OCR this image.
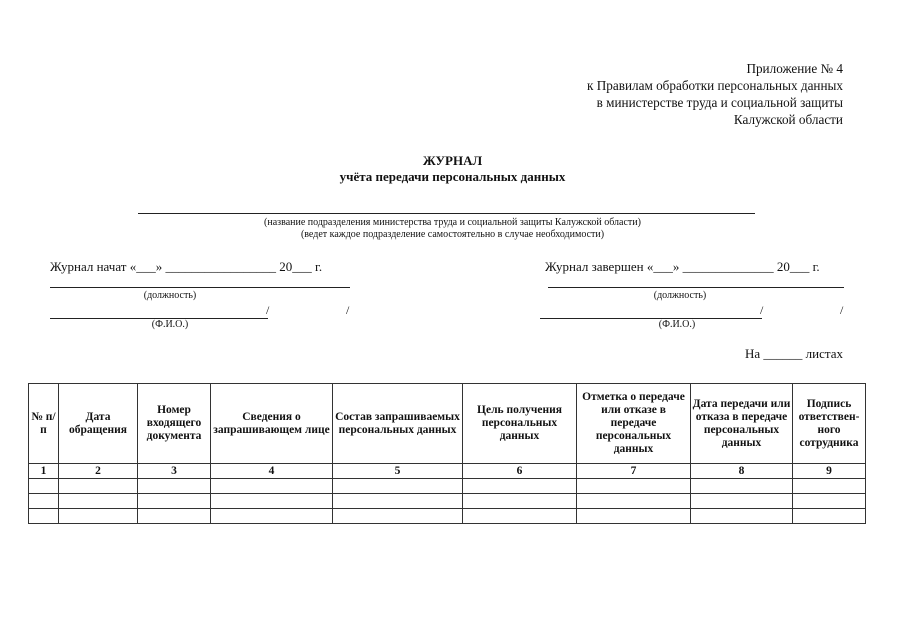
Приложение № 4
к Правилам обработки персональных данных
в министерстве труда и социальной защиты
Калужской области
ЖУРНАЛ
учёта передачи персональных данных
(название подразделения министерства труда и социальной защиты Калужской области)
(ведет каждое подразделение самостоятельно в случае необходимости)
Журнал начат «___» _________________ 20___ г.
(должность)
/	/
(Ф.И.О.)
Журнал завершен «___» ______________ 20___ г.
(должность)
/	/
(Ф.И.О.)
На ______ листах
№ п/п	Дата обращения	Номер входящего документа	Сведения о запрашивающем лице	Состав запрашиваемых персональных данных	Цель получения персональных данных	Отметка о передаче или отказе в передаче персональных данных	Дата передачи или отказа в передаче персональных данных	Подпись ответствен-ного сотрудника
1	2	3	4	5	6	7	8	9
